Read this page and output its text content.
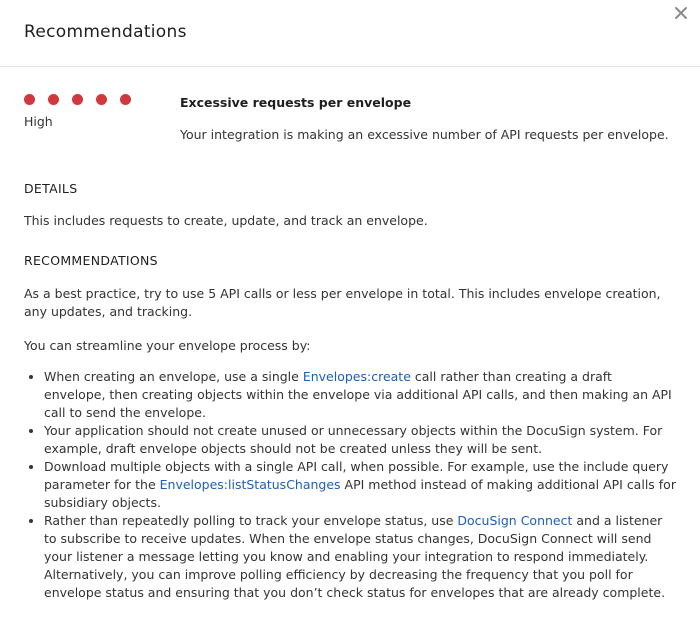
Recommendations
High
Excessive requests per envelope
Your integration is making an excessive number of API requests per envelope.
DETAILS

This includes requests to create, update, and track an envelope.

RECOMMENDATIONS

As a best practice, try to use 5 API calls or less per envelope in total. This includes envelope creation, any updates, and tracking.

You can streamline your envelope process by:

• When creating an envelope, use a single Envelopes:create call rather than creating a draft envelope, then creating objects within the envelope via additional API calls, and then making an API call to send the envelope.
• Your application should not create unused or unnecessary objects within the DocuSign system. For example, draft envelope objects should not be created unless they will be sent.
• Download multiple objects with a single API call, when possible. For example, use the include query parameter for the Envelopes:listStatusChanges API method instead of making additional API calls for subsidiary objects.
• Rather than repeatedly polling to track your envelope status, use DocuSign Connect and a listener to subscribe to receive updates. When the envelope status changes, DocuSign Connect will send your listener a message letting you know and enabling your integration to respond immediately. Alternatively, you can improve polling efficiency by decreasing the frequency that you poll for envelope status and ensuring that you don’t check status for envelopes that are already complete.
